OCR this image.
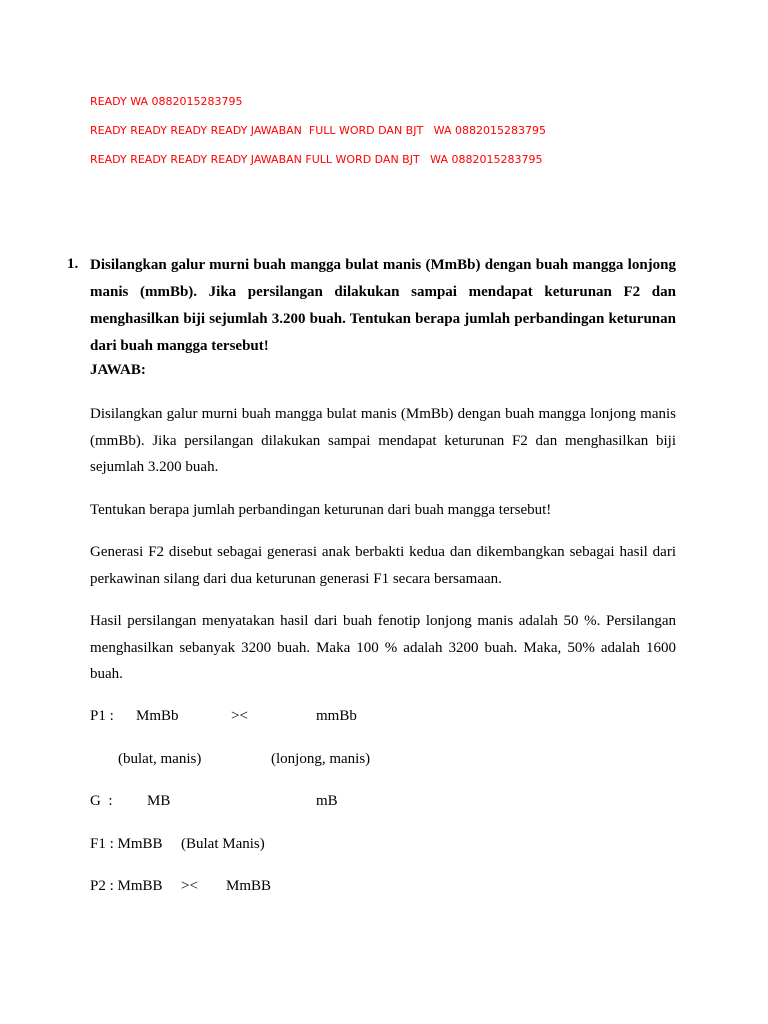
READY WA 0882015283795
READY READY READY READY JAWABAN  FULL WORD DAN BJT   WA 0882015283795
READY READY READY READY JAWABAN FULL WORD DAN BJT   WA 0882015283795
1. Disilangkan galur murni buah mangga bulat manis (MmBb) dengan buah mangga lonjong manis (mmBb). Jika persilangan dilakukan sampai mendapat keturunan F2 dan menghasilkan biji sejumlah 3.200 buah. Tentukan berapa jumlah perbandingan keturunan dari buah mangga tersebut!
JAWAB:
Disilangkan galur murni buah mangga bulat manis (MmBb) dengan buah mangga lonjong manis (mmBb). Jika persilangan dilakukan sampai mendapat keturunan F2 dan menghasilkan biji sejumlah 3.200 buah.
Tentukan berapa jumlah perbandingan keturunan dari buah mangga tersebut!
Generasi F2 disebut sebagai generasi anak berbakti kedua dan dikembangkan sebagai hasil dari perkawinan silang dari dua keturunan generasi F1 secara bersamaan.
Hasil persilangan menyatakan hasil dari buah fenotip lonjong manis adalah 50 %. Persilangan menghasilkan sebanyak 3200 buah. Maka 100 % adalah 3200 buah. Maka, 50% adalah 1600 buah.
P1 : MmBb	><	mmBb
(bulat, manis)	(lonjong, manis)
G  : MB	mB
F1 : MmBB (Bulat Manis)
P2 : MmBB >< MmBB
